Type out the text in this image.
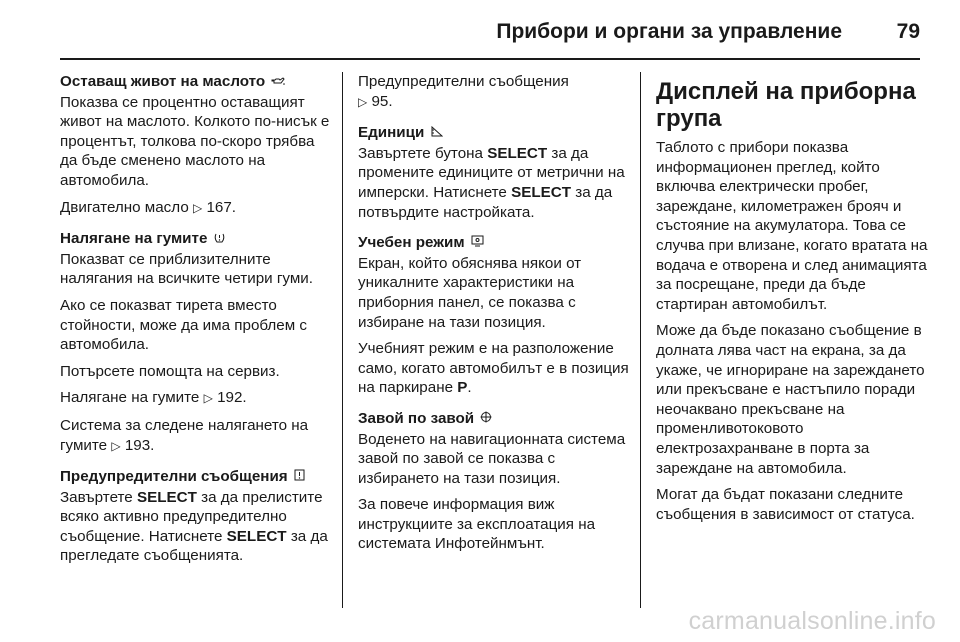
Прибори и органи за управление	79
Оставащ живот на маслото

Показва се процентно оставащият живот на маслото. Колкото по-нисък е процентът, толкова по-скоро трябва да бъде сменено маслото на автомобила.

Двигателно масло ▷ 167.

Налягане на гумите

Показват се приблизителните налягания на всичките четири гуми.

Ако се показват тирета вместо стойности, може да има проблем с автомобила.

Потърсете помощта на сервиз.

Налягане на гумите ▷ 192.

Система за следене налягането на гумите ▷ 193.

Предупредителни съобщения

Завъртете SELECT за да прелистите всяко активно предупредително съобщение. Натиснете SELECT за да прегледате съобщенията.

Предупредителни съобщения
▷ 95.

Единици

Завъртете бутона SELECT за да промените единиците от метрични на имперски. Натиснете SELECT за да потвърдите настройката.

Учебен режим

Екран, който обяснява някои от уникалните характеристики на приборния панел, се показва с избиране на тази позиция.

Учебният режим е на разположение само, когато автомобилът е в позиция на паркиране P.

Завой по завой

Воденето на навигационната система завой по завой се показва с избирането на тази позиция.

За повече информация виж инструкциите за експлоатация на системата Инфотейнмънт.

Дисплей на приборна група

Таблото с прибори показва информационен преглед, който включва електрически пробег, зареждане, километражен брояч и състояние на акумулатора. Това се случва при влизане, когато вратата на водача е отворена и след анимацията за посрещане, преди да бъде стартиран автомобилът.

Може да бъде показано съобщение в долната лява част на екрана, за да укаже, че игнориране на зареждането или прекъсване е настъпило поради неочаквано прекъсване на променливотоковото електрозахранване в порта за зареждане на автомобила.

Могат да бъдат показани следните съобщения в зависимост от статуса.

carmanualsonline.info
